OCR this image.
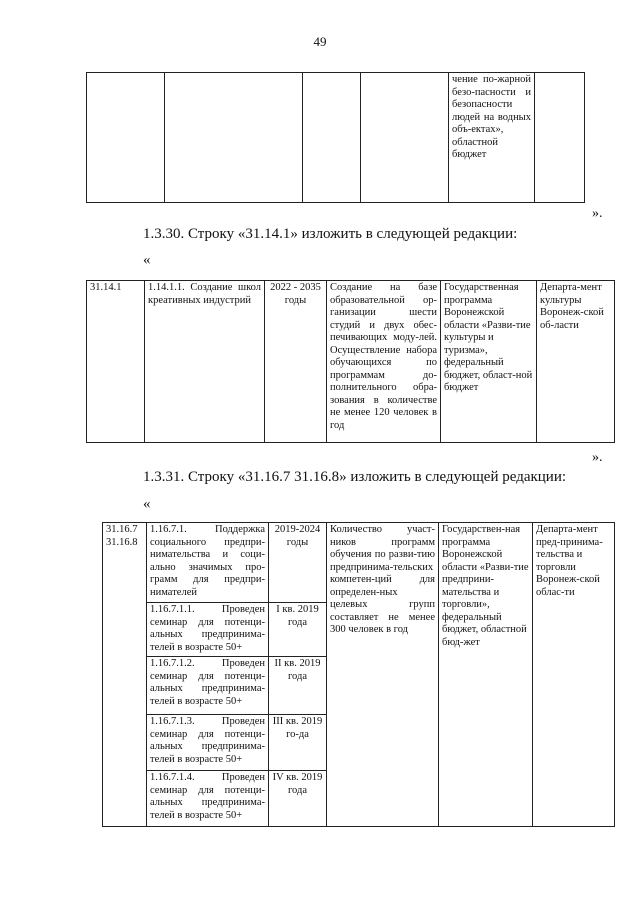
49
				чение по-жарной безо-пасности и безопасности людей на водных объ-ектах», областной бюджет	
».
1.3.30. Строку «31.14.1» изложить в следующей редакции:
«
31.14.1	1.14.1.1. Создание школ креативных индустрий	2022 - 2035 годы	Создание на базе образовательной ор-ганизации шести студий и двух обес-печивающих моду-лей. Осуществление набора обучающихся по программам до-полнительного обра-зования в количестве не менее 120 человек в год	Государственная программа Воронежской области «Разви-тие культуры и туризма», федеральный бюджет, област-ной бюджет	Департа-мент культуры Воронеж-ской об-ласти
».
1.3.31. Строку «31.16.7 31.16.8» изложить в следующей редакции:
«
31.16.7
31.16.8	1.16.7.1. Поддержка социального предпри-нимательства и соци-ально значимых про-грамм для предпри-нимателей	2019-2024 годы	Количество участ-ников программ обучения по разви-тию предпринима-тельских компетен-ций для определен-ных целевых групп составляет не менее 300 человек в год	Государствен-ная программа Воронежской области «Разви-тие предприни-мательства и торговли», федеральный бюджет, областной бюд-жет	Департа-мент пред-принима-тельства и торговли Воронеж-ской облас-ти
	1.16.7.1.1. Проведен семинар для потенци-альных предпринима-телей в возрасте 50+	I кв. 2019 года			
	1.16.7.1.2. Проведен семинар для потенци-альных предпринима-телей в возрасте 50+	II кв. 2019 года			
	1.16.7.1.3. Проведен семинар для потенци-альных предпринима-телей в возрасте 50+	III кв. 2019 го-да			
	1.16.7.1.4. Проведен семинар для потенци-альных предпринима-телей в возрасте 50+	IV кв. 2019 года			
